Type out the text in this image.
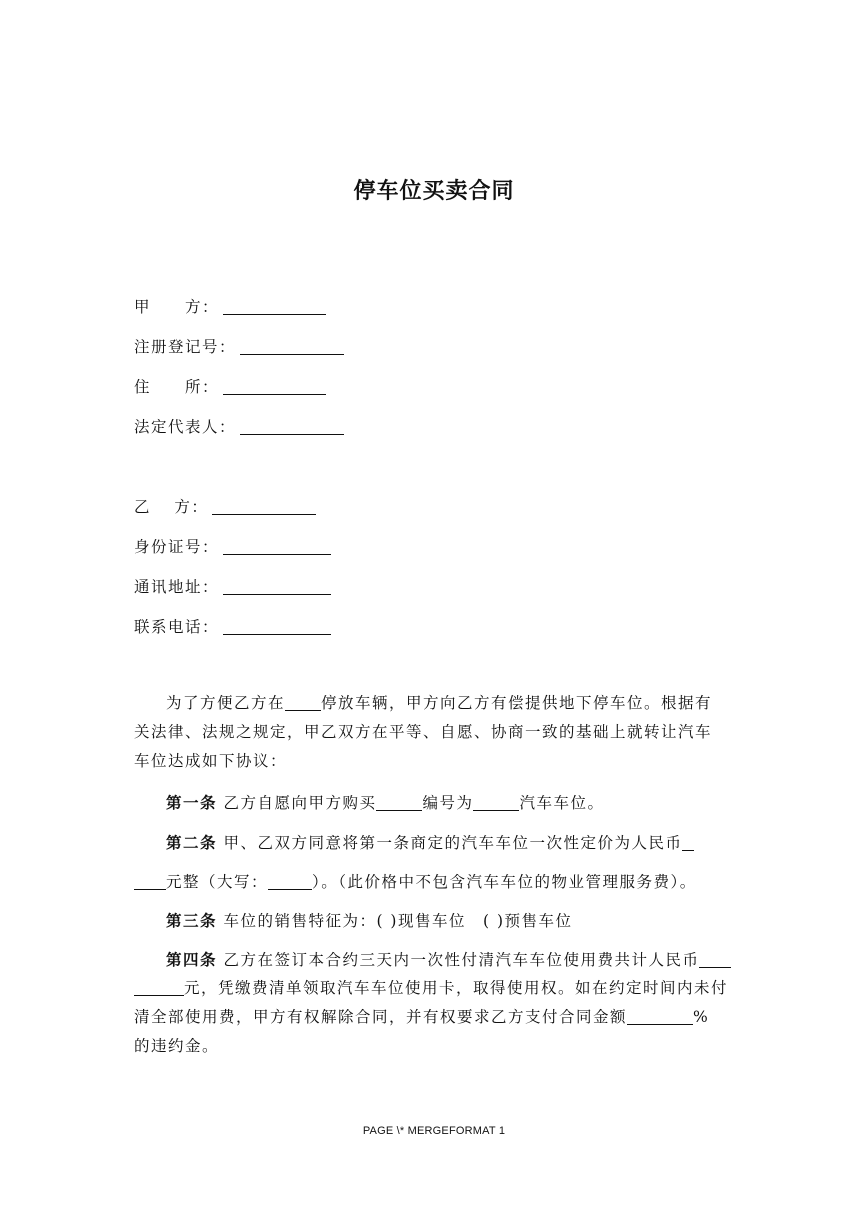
停车位买卖合同
甲　　方：
注册登记号：
住　　所：
法定代表人：
乙　 方：
身份证号：
通讯地址：
联系电话：
为了方便乙方在 停放车辆，甲方向乙方有偿提供地下停车位。根据有
关法律、法规之规定，甲乙双方在平等、自愿、协商一致的基础上就转让汽车
车位达成如下协议：
第一条 乙方自愿向甲方购买	编号为	汽车车位。
第二条 甲、乙双方同意将第一条商定的汽车车位一次性定价为人民币
元整（大写：	）。（此价格中不包含汽车车位的物业管理服务费）。
第三条 车位的销售特征为：( )现售车位　( )预售车位
第四条 乙方在签订本合约三天内一次性付清汽车车位使用费共计人民币
元，凭缴费清单领取汽车车位使用卡，取得使用权。如在约定时间内未付
清全部使用费，甲方有权解除合同，并有权要求乙方支付合同金额	%
的违约金。
PAGE \* MERGEFORMAT 1
